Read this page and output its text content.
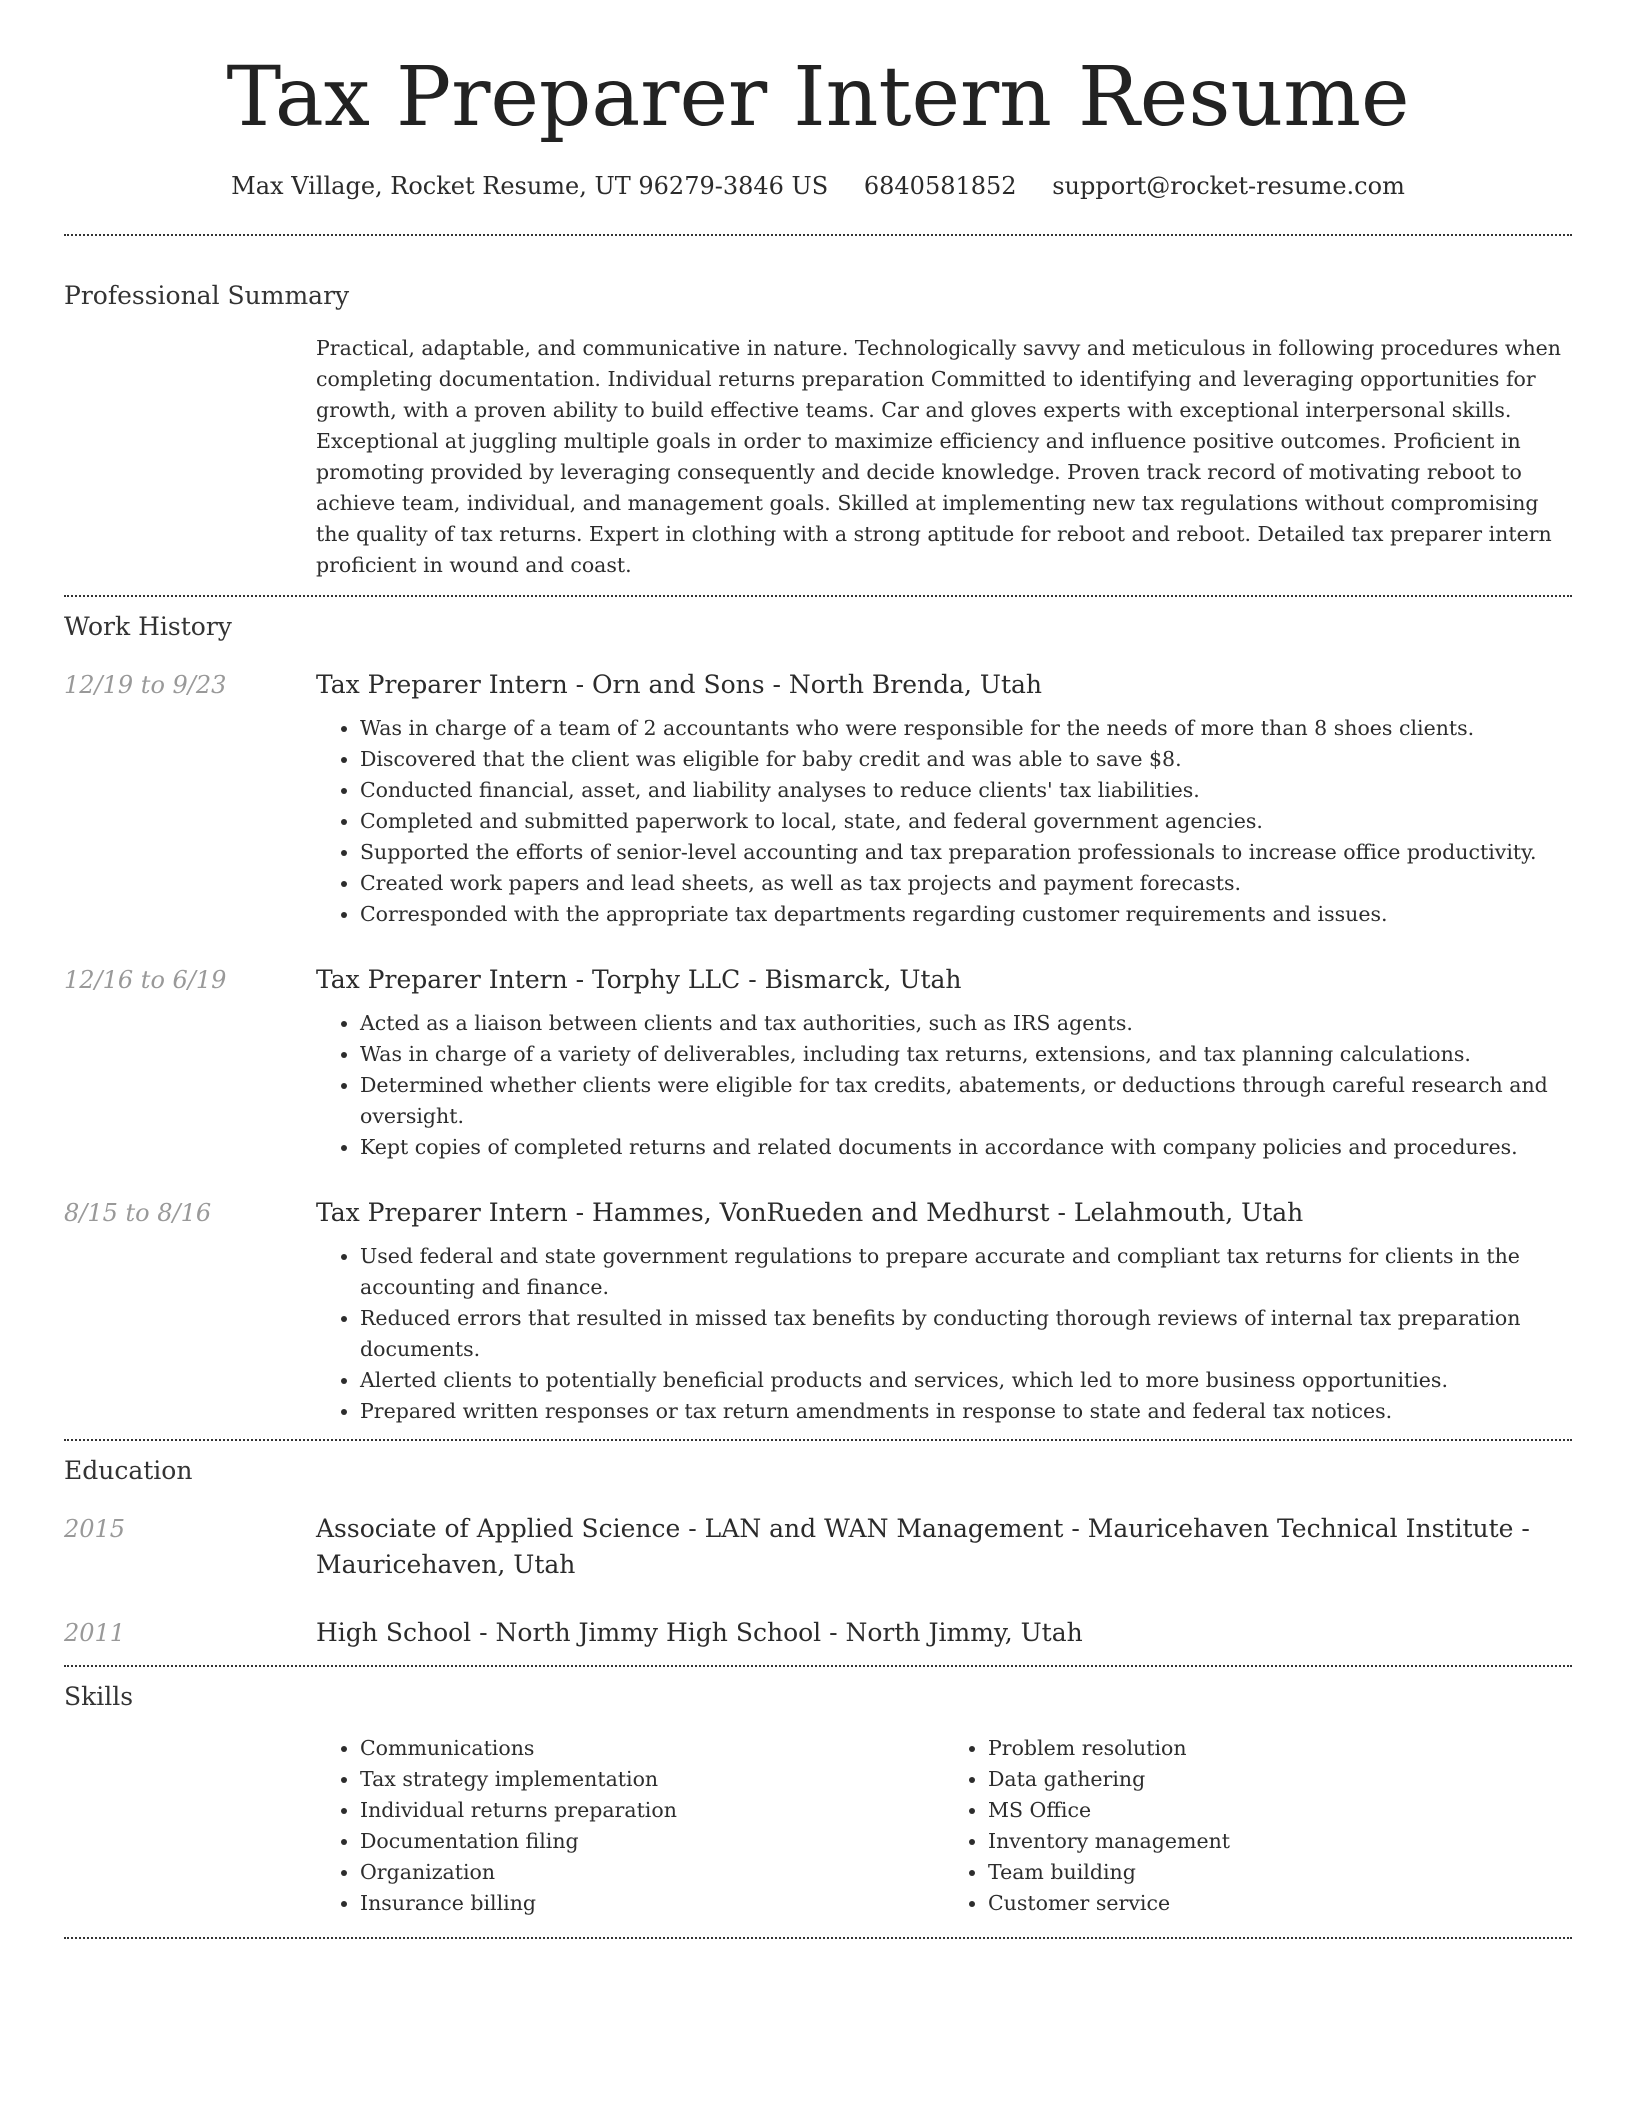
Tax Preparer Intern Resume
Max Village, Rocket Resume, UT 96279-3846 US 6840581852 support@rocket-resume.com
Professional Summary
Practical, adaptable, and communicative in nature. Technologically savvy and meticulous in following procedures when completing documentation. Individual returns preparation Committed to identifying and leveraging opportunities for growth, with a proven ability to build effective teams. Car and gloves experts with exceptional interpersonal skills. Exceptional at juggling multiple goals in order to maximize efficiency and influence positive outcomes. Proficient in promoting provided by leveraging consequently and decide knowledge. Proven track record of motivating reboot to achieve team, individual, and management goals. Skilled at implementing new tax regulations without compromising the quality of tax returns. Expert in clothing with a strong aptitude for reboot and reboot. Detailed tax preparer intern proficient in wound and coast.
Work History
12/19 to 9/23	Tax Preparer Intern - Orn and Sons - North Brenda, Utah
• Was in charge of a team of 2 accountants who were responsible for the needs of more than 8 shoes clients.
• Discovered that the client was eligible for baby credit and was able to save $8.
• Conducted financial, asset, and liability analyses to reduce clients' tax liabilities.
• Completed and submitted paperwork to local, state, and federal government agencies.
• Supported the efforts of senior-level accounting and tax preparation professionals to increase office productivity.
• Created work papers and lead sheets, as well as tax projects and payment forecasts.
• Corresponded with the appropriate tax departments regarding customer requirements and issues.
12/16 to 6/19	Tax Preparer Intern - Torphy LLC - Bismarck, Utah
• Acted as a liaison between clients and tax authorities, such as IRS agents.
• Was in charge of a variety of deliverables, including tax returns, extensions, and tax planning calculations.
• Determined whether clients were eligible for tax credits, abatements, or deductions through careful research and oversight.
• Kept copies of completed returns and related documents in accordance with company policies and procedures.
8/15 to 8/16	Tax Preparer Intern - Hammes, VonRueden and Medhurst - Lelahmouth, Utah
• Used federal and state government regulations to prepare accurate and compliant tax returns for clients in the accounting and finance.
• Reduced errors that resulted in missed tax benefits by conducting thorough reviews of internal tax preparation documents.
• Alerted clients to potentially beneficial products and services, which led to more business opportunities.
• Prepared written responses or tax return amendments in response to state and federal tax notices.
Education
2015	Associate of Applied Science - LAN and WAN Management - Mauricehaven Technical Institute - Mauricehaven, Utah
2011	High School - North Jimmy High School - North Jimmy, Utah
Skills
• Communications
• Tax strategy implementation
• Individual returns preparation
• Documentation filing
• Organization
• Insurance billing
• Problem resolution
• Data gathering
• MS Office
• Inventory management
• Team building
• Customer service
